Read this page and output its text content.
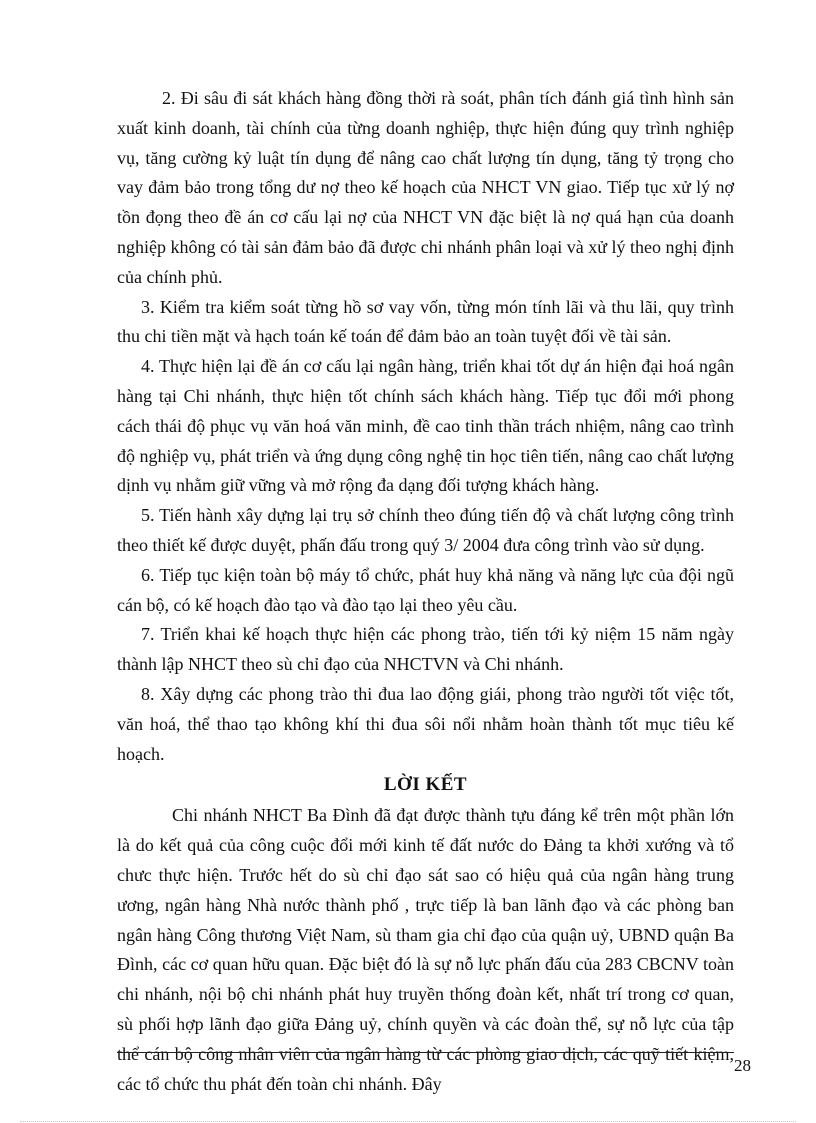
2. Đi sâu đi sát khách hàng đồng thời rà soát, phân tích đánh giá tình hình sản xuất kinh doanh, tài chính của từng doanh nghiệp, thực hiện đúng quy trình nghiệp vụ, tăng cường kỷ luật tín dụng để nâng cao chất lượng tín dụng, tăng tỷ trọng cho vay đảm bảo trong tổng dư nợ theo kế hoạch của NHCT VN giao. Tiếp tục xử lý nợ tồn đọng theo đề án cơ cấu lại nợ của NHCT VN đặc biệt là nợ quá hạn của doanh nghiệp không có tài sản đảm bảo đã được chi nhánh phân loại và xử lý theo nghị định của chính phủ.

3. Kiểm tra kiểm soát từng hồ sơ vay vốn, từng món tính lãi và thu lãi, quy trình thu chi tiền mặt và hạch toán kế toán để đảm bảo an toàn tuyệt đối về tài sản.

4. Thực hiện lại đề án cơ cấu lại ngân hàng, triển khai tốt dự án hiện đại hoá ngân hàng tại Chi nhánh, thực hiện tốt chính sách khách hàng. Tiếp tục đổi mới phong cách thái độ phục vụ văn hoá văn minh, đề cao tinh thần trách nhiệm, nâng cao trình độ nghiệp vụ, phát triển và ứng dụng công nghệ tin học tiên tiến, nâng cao chất lượng dịnh vụ nhằm giữ vững và mở rộng đa dạng đối tượng khách hàng.

5. Tiến hành xây dựng lại trụ sở chính theo đúng tiến độ và chất lượng công trình theo thiết kế được duyệt, phấn đấu trong quý 3/ 2004 đưa công trình vào sử dụng.

6. Tiếp tục kiện toàn bộ máy tổ chức, phát huy khả năng và năng lực của đội ngũ cán bộ, có kế hoạch đào tạo và đào tạo lại theo yêu cầu.

7. Triển khai kế hoạch thực hiện các phong trào, tiến tới kỷ niệm 15 năm ngày thành lập NHCT theo sù chỉ đạo của NHCTVN và Chi nhánh.

8. Xây dựng các phong trào thi đua lao động giái, phong trào người tốt việc tốt, văn hoá, thể thao tạo không khí thi đua sôi nổi nhằm hoàn thành tốt mục tiêu kế hoạch.

LỜI KẾT

Chi nhánh NHCT Ba Đình đã đạt được thành tựu đáng kể trên một phần lớn là do kết quả của công cuộc đổi mới kinh tế đất nước do Đảng ta khởi xướng và tổ chưc thực hiện. Trước hết do sù chỉ đạo sát sao có hiệu quả của ngân hàng trung ương, ngân hàng Nhà nước thành phố , trực tiếp là ban lãnh đạo và các phòng ban ngân hàng Công thương Việt Nam, sù tham gia chỉ đạo của quận uỷ, UBND quận Ba Đình, các cơ quan hữu quan. Đặc biệt đó là sự nỗ lực phấn đấu của 283 CBCNV toàn chi nhánh, nội bộ chi nhánh phát huy truyền thống đoàn kết, nhất trí trong cơ quan, sù phối hợp lãnh đạo giữa Đảng uỷ, chính quyền và các đoàn thể, sự nỗ lực của tập thể cán bộ công nhân viên của ngân hàng từ các phòng giao dịch, các quỹ tiết kiệm, các tổ chức thu phát đến toàn chi nhánh. Đây

28
